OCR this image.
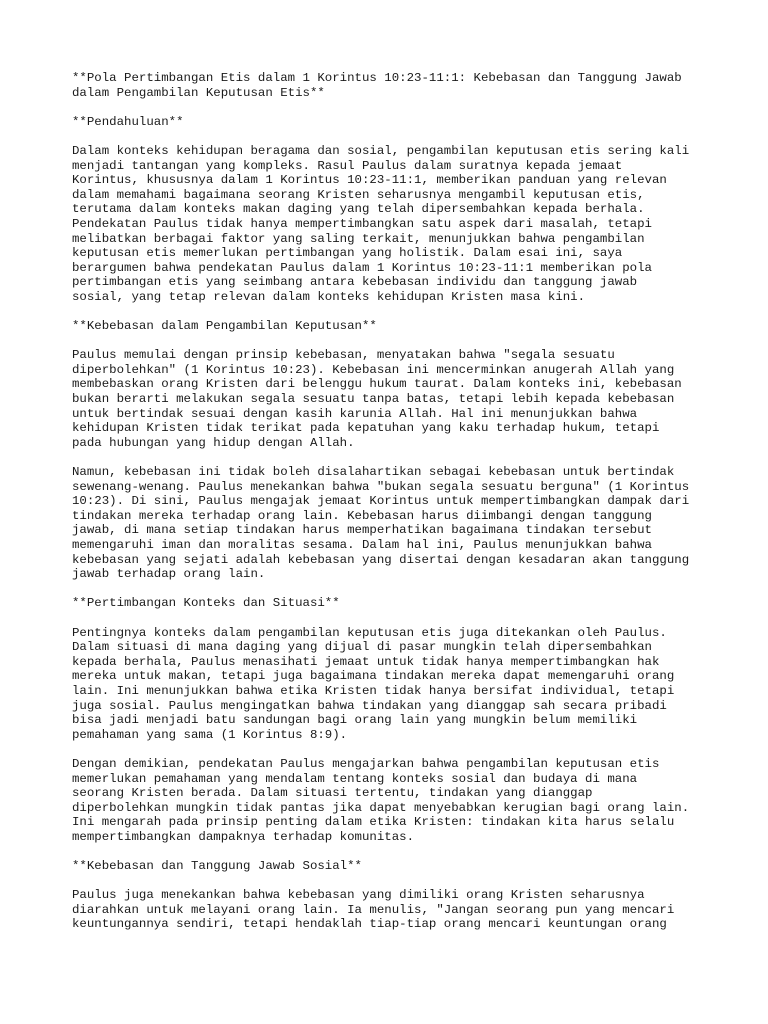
**Pola Pertimbangan Etis dalam 1 Korintus 10:23-11:1: Kebebasan dan Tanggung Jawab
dalam Pengambilan Keputusan Etis**
**Pendahuluan**
Dalam konteks kehidupan beragama dan sosial, pengambilan keputusan etis sering kali
menjadi tantangan yang kompleks. Rasul Paulus dalam suratnya kepada jemaat
Korintus, khususnya dalam 1 Korintus 10:23-11:1, memberikan panduan yang relevan
dalam memahami bagaimana seorang Kristen seharusnya mengambil keputusan etis,
terutama dalam konteks makan daging yang telah dipersembahkan kepada berhala.
Pendekatan Paulus tidak hanya mempertimbangkan satu aspek dari masalah, tetapi
melibatkan berbagai faktor yang saling terkait, menunjukkan bahwa pengambilan
keputusan etis memerlukan pertimbangan yang holistik. Dalam esai ini, saya
berargumen bahwa pendekatan Paulus dalam 1 Korintus 10:23-11:1 memberikan pola
pertimbangan etis yang seimbang antara kebebasan individu dan tanggung jawab
sosial, yang tetap relevan dalam konteks kehidupan Kristen masa kini.
**Kebebasan dalam Pengambilan Keputusan**
Paulus memulai dengan prinsip kebebasan, menyatakan bahwa "segala sesuatu
diperbolehkan" (1 Korintus 10:23). Kebebasan ini mencerminkan anugerah Allah yang
membebaskan orang Kristen dari belenggu hukum taurat. Dalam konteks ini, kebebasan
bukan berarti melakukan segala sesuatu tanpa batas, tetapi lebih kepada kebebasan
untuk bertindak sesuai dengan kasih karunia Allah. Hal ini menunjukkan bahwa
kehidupan Kristen tidak terikat pada kepatuhan yang kaku terhadap hukum, tetapi
pada hubungan yang hidup dengan Allah.
Namun, kebebasan ini tidak boleh disalahartikan sebagai kebebasan untuk bertindak
sewenang-wenang. Paulus menekankan bahwa "bukan segala sesuatu berguna" (1 Korintus
10:23). Di sini, Paulus mengajak jemaat Korintus untuk mempertimbangkan dampak dari
tindakan mereka terhadap orang lain. Kebebasan harus diimbangi dengan tanggung
jawab, di mana setiap tindakan harus memperhatikan bagaimana tindakan tersebut
memengaruhi iman dan moralitas sesama. Dalam hal ini, Paulus menunjukkan bahwa
kebebasan yang sejati adalah kebebasan yang disertai dengan kesadaran akan tanggung
jawab terhadap orang lain.
**Pertimbangan Konteks dan Situasi**
Pentingnya konteks dalam pengambilan keputusan etis juga ditekankan oleh Paulus.
Dalam situasi di mana daging yang dijual di pasar mungkin telah dipersembahkan
kepada berhala, Paulus menasihati jemaat untuk tidak hanya mempertimbangkan hak
mereka untuk makan, tetapi juga bagaimana tindakan mereka dapat memengaruhi orang
lain. Ini menunjukkan bahwa etika Kristen tidak hanya bersifat individual, tetapi
juga sosial. Paulus mengingatkan bahwa tindakan yang dianggap sah secara pribadi
bisa jadi menjadi batu sandungan bagi orang lain yang mungkin belum memiliki
pemahaman yang sama (1 Korintus 8:9).
Dengan demikian, pendekatan Paulus mengajarkan bahwa pengambilan keputusan etis
memerlukan pemahaman yang mendalam tentang konteks sosial dan budaya di mana
seorang Kristen berada. Dalam situasi tertentu, tindakan yang dianggap
diperbolehkan mungkin tidak pantas jika dapat menyebabkan kerugian bagi orang lain.
Ini mengarah pada prinsip penting dalam etika Kristen: tindakan kita harus selalu
mempertimbangkan dampaknya terhadap komunitas.
**Kebebasan dan Tanggung Jawab Sosial**
Paulus juga menekankan bahwa kebebasan yang dimiliki orang Kristen seharusnya
diarahkan untuk melayani orang lain. Ia menulis, "Jangan seorang pun yang mencari
keuntungannya sendiri, tetapi hendaklah tiap-tiap orang mencari keuntungan orang
